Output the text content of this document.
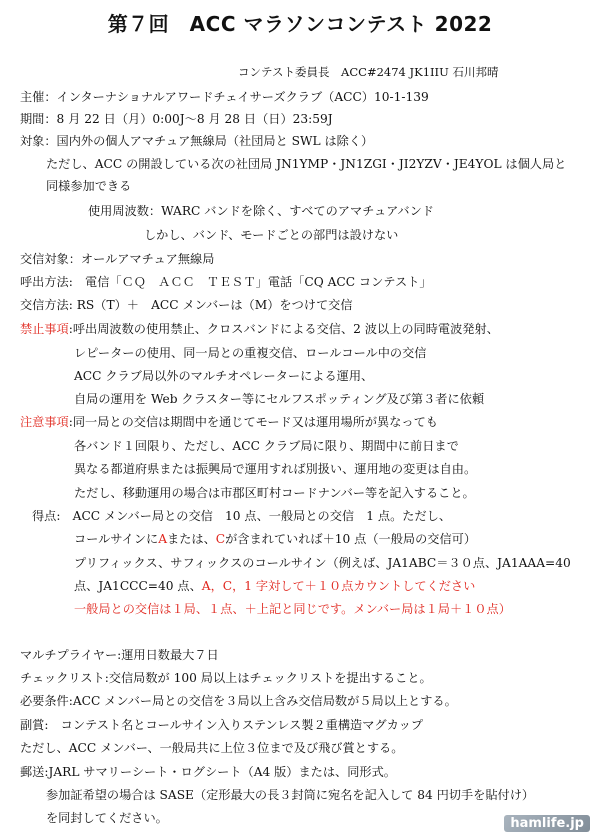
第７回　ACC マラソンコンテスト 2022
コンテスト委員長　ACC#2474 JK1IIU 石川邦晴
主催：インターナショナルアワードチェイサーズクラブ（ACC）10-1-139
期間：8 月 22 日（月）0:00J～8 月 28 日（日）23:59J
対象：国内外の個人アマチュア無線局（社団局と SWL は除く）
ただし、ACC の開設している次の社団局 JN1YMP・JN1ZGI・JI2YZV・JE4YOL は個人局と
同様参加できる
使用周波数：WARC バンドを除く、すべてのアマチュアバンド
しかし、バンド、モードごとの部門は設けない
交信対象：オールアマチュア無線局
呼出方法:　電信「ＣＱ　ＡＣＣ　ＴＥＳＴ」電話「CQ ACC コンテスト」
交信方法: RS（T）＋　ACC メンバーは（M）をつけて交信
禁止事項:呼出周波数の使用禁止、クロスバンドによる交信、2 波以上の同時電波発射、
レピーターの使用、同一局との重複交信、ロールコール中の交信
ACC クラブ局以外のマルチオペレーターによる運用、
自局の運用を Web クラスター等にセルフスポッティング及び第３者に依頼
注意事項:同一局との交信は期間中を通じてモード又は運用場所が異なっても
各バンド１回限り、ただし、ACC クラブ局に限り、期間中に前日まで
異なる都道府県または振興局で運用すれば別扱い、運用地の変更は自由。
ただし、移動運用の場合は市郡区町村コードナンバー等を記入すること。
得点:　ACC メンバー局との交信　10 点、一般局との交信　1 点。ただし、
コールサインにAまたは、Cが含まれていれば＋10 点（一般局の交信可）
プリフィックス、サフィックスのコールサイン（例えば、JA1ABC＝３０点、JA1AAA=40
点、JA1CCC=40 点、A，C，1 字対して＋１０点カウントしてください
一般局との交信は１局、１点、＋上記と同じです。メンバー局は１局＋１０点）
マルチプライヤー:運用日数最大７日
チェックリスト:交信局数が 100 局以上はチェックリストを提出すること。
必要条件:ACC メンバー局との交信を３局以上含み交信局数が５局以上とする。
副賞:　コンテスト名とコールサイン入りステンレス製２重構造マグカップ
ただし、ACC メンバー、一般局共に上位３位まで及び飛び賞とする。
郵送:JARL サマリーシート・ログシート（A4 版）または、同形式。
参加証希望の場合は SASE（定形最大の長３封筒に宛名を記入して 84 円切手を貼付け）
を同封してください。	hamlife.jp
